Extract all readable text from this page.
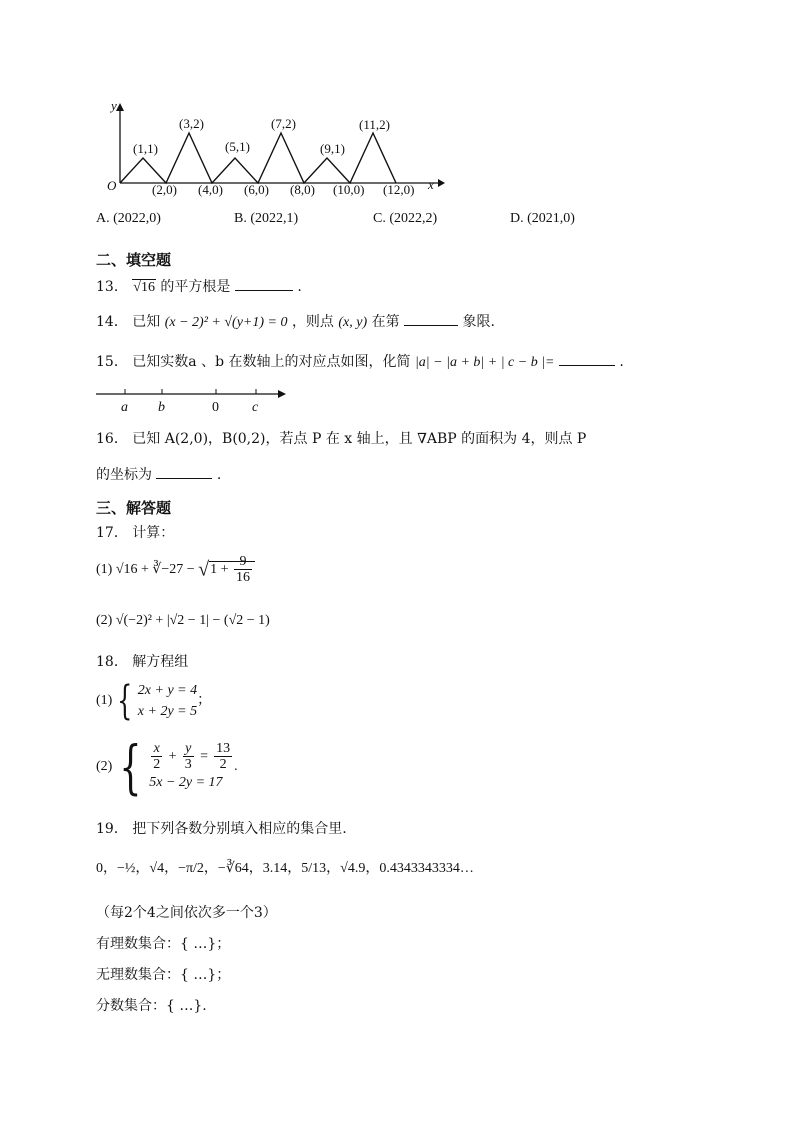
y
x
O
(1,1)
(3,2)
(5,1)
(7,2)
(9,1)
(11,2)
(2,0) (4,0) (6,0) (8,0) (10,0) (12,0)
A. (2022,0)	B. (2022,1)	C. (2022,2)	D. (2021,0)
二、填空题
13． √16 的平方根是	.
14． 已知 (x − 2)² + √(y+1) = 0 ，则点 (x, y) 在第	象限.
15． 已知实数a 、b 在数轴上的对应点如图，化简 |a| − |a + b| + | c − b |=	.
a b	0 c
16． 已知 A(2,0)，B(0,2)，若点 P 在 x 轴上，且 ∇ABP 的面积为 4，则点 P
的坐标为	.
三、解答题
17． 计算：
(1) √16 + ∛−27 − $√1 + \frac{9}{16}$
(2) √(−2)² + |√2 − 1| − (√2 − 1)
18． 解方程组
(1) { 2x + y = 4
x + 2y = 5
；
(2) { $\frac{x}{2} + \frac{y}{3} = \frac{13}{2}$
5x − 2y = 17
.
19． 把下列各数分别填入相应的集合里.
0，−½，√4，−π/2，−∛64，3.14，5/13，√4.9，0.4343343334…
（每2个4之间依次多一个3）
有理数集合：{ …}；
无理数集合：{ …}；
分数集合：{ …}.
